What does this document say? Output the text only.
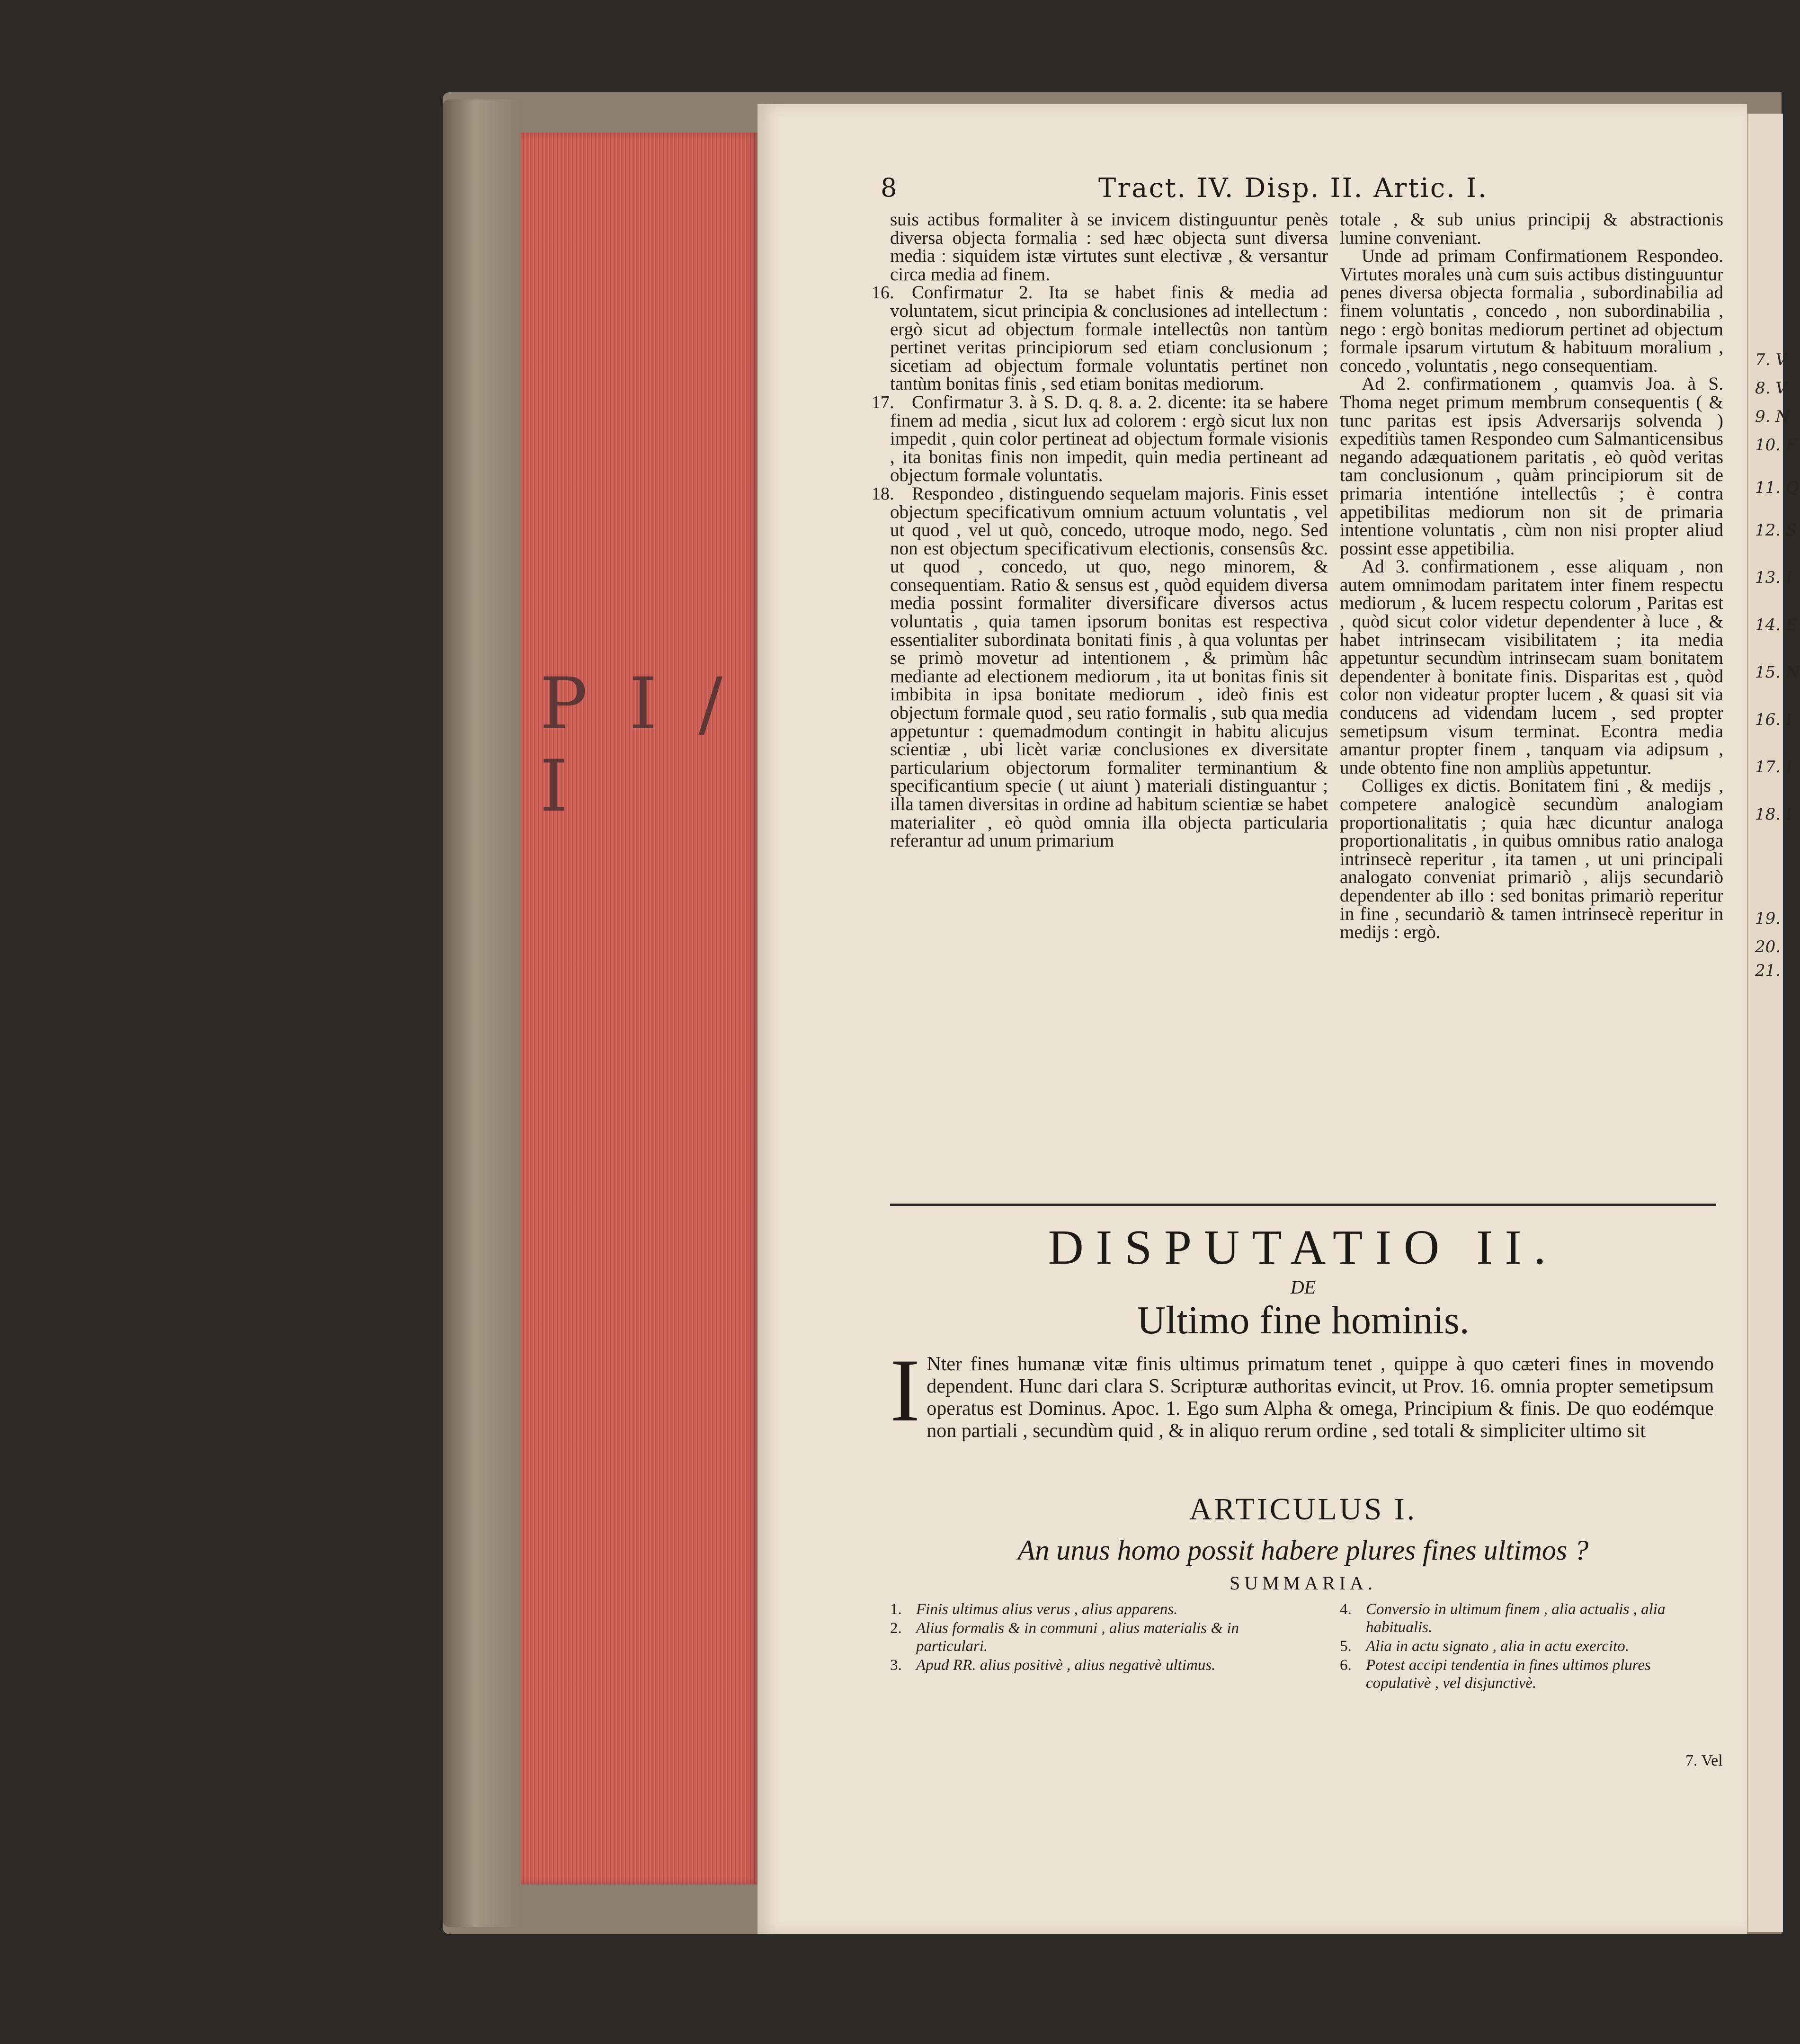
P I / I
7. V
8. V
9. N
10. F
11. Q
12. S
13. I
14. E
15. N
16. I
17. I
18. I
19.
20.
21.
8	Tract. IV. Disp. II. Artic. I.

suis actibus formaliter à se invicem distinguuntur penès diversa objecta formalia : sed hæc objecta sunt diversa media : siquidem istæ virtutes sunt electivæ , & versantur circa media ad finem.

16. Confirmatur 2. Ita se habet finis & media ad voluntatem, sicut principia & conclusiones ad intellectum : ergò sicut ad objectum formale intellectûs non tantùm pertinet veritas principiorum sed etiam conclusionum ; sicetiam ad objectum formale voluntatis pertinet non tantùm bonitas finis , sed etiam bonitas mediorum.

17. Confirmatur 3. à S. D. q. 8. a. 2. dicente: ita se habere finem ad media , sicut lux ad colorem : ergò sicut lux non impedit , quin color pertineat ad objectum formale visionis , ita bonitas finis non impedit, quin media pertineant ad objectum formale voluntatis.

18. Respondeo , distinguendo sequelam majoris. Finis esset objectum specificativum omnium actuum voluntatis , vel ut quod , vel ut quò, concedo, utroque modo, nego. Sed non est objectum specificativum electionis, consensûs &c. ut quod , concedo, ut quo, nego minorem, & consequentiam. Ratio & sensus est , quòd equidem diversa media possint formaliter diversificare diversos actus voluntatis , quia tamen ipsorum bonitas est respectiva essentialiter subordinata bonitati finis , à qua voluntas per se primò movetur ad intentionem , & primùm hâc mediante ad electionem mediorum , ita ut bonitas finis sit imbibita in ipsa bonitate mediorum , ideò finis est objectum formale quod , seu ratio formalis , sub qua media appetuntur : quemadmodum contingit in habitu alicujus scientiæ , ubi licèt variæ conclusiones ex diversitate particularium objectorum formaliter terminantium & specificantium specie ( ut aiunt ) materiali distinguantur ; illa tamen diversitas in ordine ad habitum scientiæ se habet materialiter , eò quòd omnia illa objecta particularia referantur ad unum primarium

totale , & sub unius principij & abstractionis lumine conveniant.

Unde ad primam Confirmationem Respondeo. Virtutes morales unà cum suis actibus distinguuntur penes diversa objecta formalia , subordinabilia ad finem voluntatis , concedo , non subordinabilia , nego : ergò bonitas mediorum pertinet ad objectum formale ipsarum virtutum & habituum moralium , concedo , voluntatis , nego consequentiam.

Ad 2. confirmationem , quamvis Joa. à S. Thoma neget primum membrum consequentis ( & tunc paritas est ipsis Adversarijs solvenda ) expeditiùs tamen Respondeo cum Salmanticensibus negando adæquationem paritatis , eò quòd veritas tam conclusionum , quàm principiorum sit de primaria intentióne intellectûs ; è contra appetibilitas mediorum non sit de primaria intentione voluntatis , cùm non nisi propter aliud possint esse appetibilia.

Ad 3. confirmationem , esse aliquam , non autem omnimodam paritatem inter finem respectu mediorum , & lucem respectu colorum , Paritas est , quòd sicut color videtur dependenter à luce , & habet intrinsecam visibilitatem ; ita media appetuntur secundùm intrinsecam suam bonitatem dependenter à bonitate finis. Disparitas est , quòd color non videatur propter lucem , & quasi sit via conducens ad videndam lucem , sed propter semetipsum visum terminat. Econtra media amantur propter finem , tanquam via adipsum , unde obtento fine non ampliùs appetuntur.

Colliges ex dictis. Bonitatem fini , & medijs , competere analogicè secundùm analogiam proportionalitatis ; quia hæc dicuntur analoga proportionalitatis , in quibus omnibus ratio analoga intrinsecè reperitur , ita tamen , ut uni principali analogato conveniat primariò , alijs secundariò dependenter ab illo : sed bonitas primariò reperitur in fine , secundariò & tamen intrinsecè reperitur in medijs : ergò.

DISPUTATIO II.
DE
Ultimo fine hominis.
I Nter fines humanæ vitæ finis ultimus primatum tenet , quippe à quo cæteri fines in movendo dependent. Hunc dari clara S. Scripturæ authoritas evincit, ut Prov. 16. omnia propter semetipsum operatus est Dominus. Apoc. 1. Ego sum Alpha & omega, Principium & finis. De quo eodémque non partiali , secundùm quid , & in aliquo rerum ordine , sed totali & simpliciter ultimo sit
ARTICULUS I.
An unus homo possit habere plures fines ultimos ?
SUMMARIA.
1. Finis ultimus alius verus , alius apparens.
2. Alius formalis & in communi , alius materialis & in particulari.
3. Apud RR. alius positivè , alius negativè ultimus.
4. Conversio in ultimum finem , alia actualis , alia habitualis.
5. Alia in actu signato , alia in actu exercito.
6. Potest accipi tendentia in fines ultimos plures copulativè , vel disjunctivè.
7. Vel
